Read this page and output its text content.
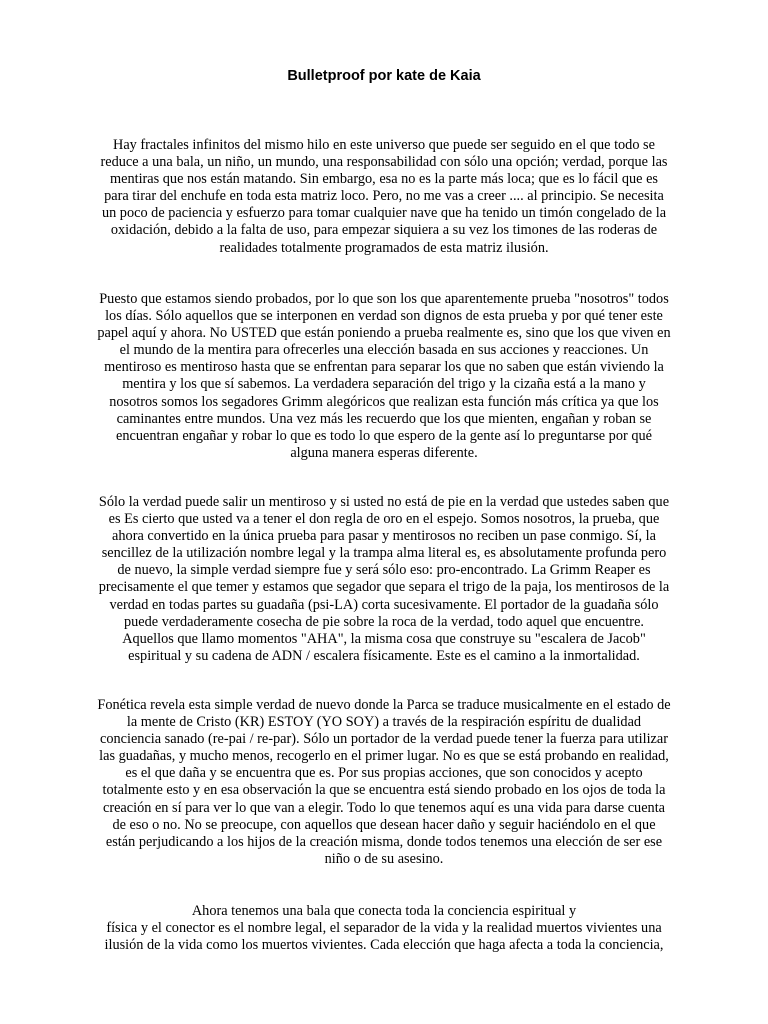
Bulletproof por kate de Kaia

Hay fractales infinitos del mismo hilo en este universo que puede ser seguido en el que todo se
reduce a una bala, un niño, un mundo, una responsabilidad con sólo una opción; verdad, porque las
mentiras que nos están matando. Sin embargo, esa no es la parte más loca; que es lo fácil que es
para tirar del enchufe en toda esta matriz loco. Pero, no me vas a creer .... al principio. Se necesita
un poco de paciencia y esfuerzo para tomar cualquier nave que ha tenido un timón congelado de la
oxidación, debido a la falta de uso, para empezar siquiera a su vez los timones de las roderas de
realidades totalmente programados de esta matriz ilusión.

Puesto que estamos siendo probados, por lo que son los que aparentemente prueba "nosotros" todos
los días. Sólo aquellos que se interponen en verdad son dignos de esta prueba y por qué tener este
papel aquí y ahora. No USTED que están poniendo a prueba realmente es, sino que los que viven en
el mundo de la mentira para ofrecerles una elección basada en sus acciones y reacciones. Un
mentiroso es mentiroso hasta que se enfrentan para separar los que no saben que están viviendo la
mentira y los que sí sabemos. La verdadera separación del trigo y la cizaña está a la mano y
nosotros somos los segadores Grimm alegóricos que realizan esta función más crítica ya que los
caminantes entre mundos. Una vez más les recuerdo que los que mienten, engañan y roban se
encuentran engañar y robar lo que es todo lo que espero de la gente así lo preguntarse por qué
alguna manera esperas diferente.

Sólo la verdad puede salir un mentiroso y si usted no está de pie en la verdad que ustedes saben que
es Es cierto que usted va a tener el don regla de oro en el espejo. Somos nosotros, la prueba, que
ahora convertido en la única prueba para pasar y mentirosos no reciben un pase conmigo. Sí, la
sencillez de la utilización nombre legal y la trampa alma literal es, es absolutamente profunda pero
de nuevo, la simple verdad siempre fue y será sólo eso: pro-encontrado. La Grimm Reaper es
precisamente el que temer y estamos que segador que separa el trigo de la paja, los mentirosos de la
verdad en todas partes su guadaña (psi-LA) corta sucesivamente. El portador de la guadaña sólo
puede verdaderamente cosecha de pie sobre la roca de la verdad, todo aquel que encuentre.
Aquellos que llamo momentos "AHA", la misma cosa que construye su "escalera de Jacob"
espiritual y su cadena de ADN / escalera físicamente. Este es el camino a la inmortalidad.

Fonética revela esta simple verdad de nuevo donde la Parca se traduce musicalmente en el estado de
la mente de Cristo (KR) ESTOY (YO SOY) a través de la respiración espíritu de dualidad
conciencia sanado (re-pai / re-par). Sólo un portador de la verdad puede tener la fuerza para utilizar
las guadañas, y mucho menos, recogerlo en el primer lugar. No es que se está probando en realidad,
es el que daña y se encuentra que es. Por sus propias acciones, que son conocidos y acepto
totalmente esto y en esa observación la que se encuentra está siendo probado en los ojos de toda la
creación en sí para ver lo que van a elegir. Todo lo que tenemos aquí es una vida para darse cuenta
de eso o no. No se preocupe, con aquellos que desean hacer daño y seguir haciéndolo en el que
están perjudicando a los hijos de la creación misma, donde todos tenemos una elección de ser ese
niño o de su asesino.

Ahora tenemos una bala que conecta toda la conciencia espiritual y
física y el conector es el nombre legal, el separador de la vida y la realidad muertos vivientes una
ilusión de la vida como los muertos vivientes. Cada elección que haga afecta a toda la conciencia,
